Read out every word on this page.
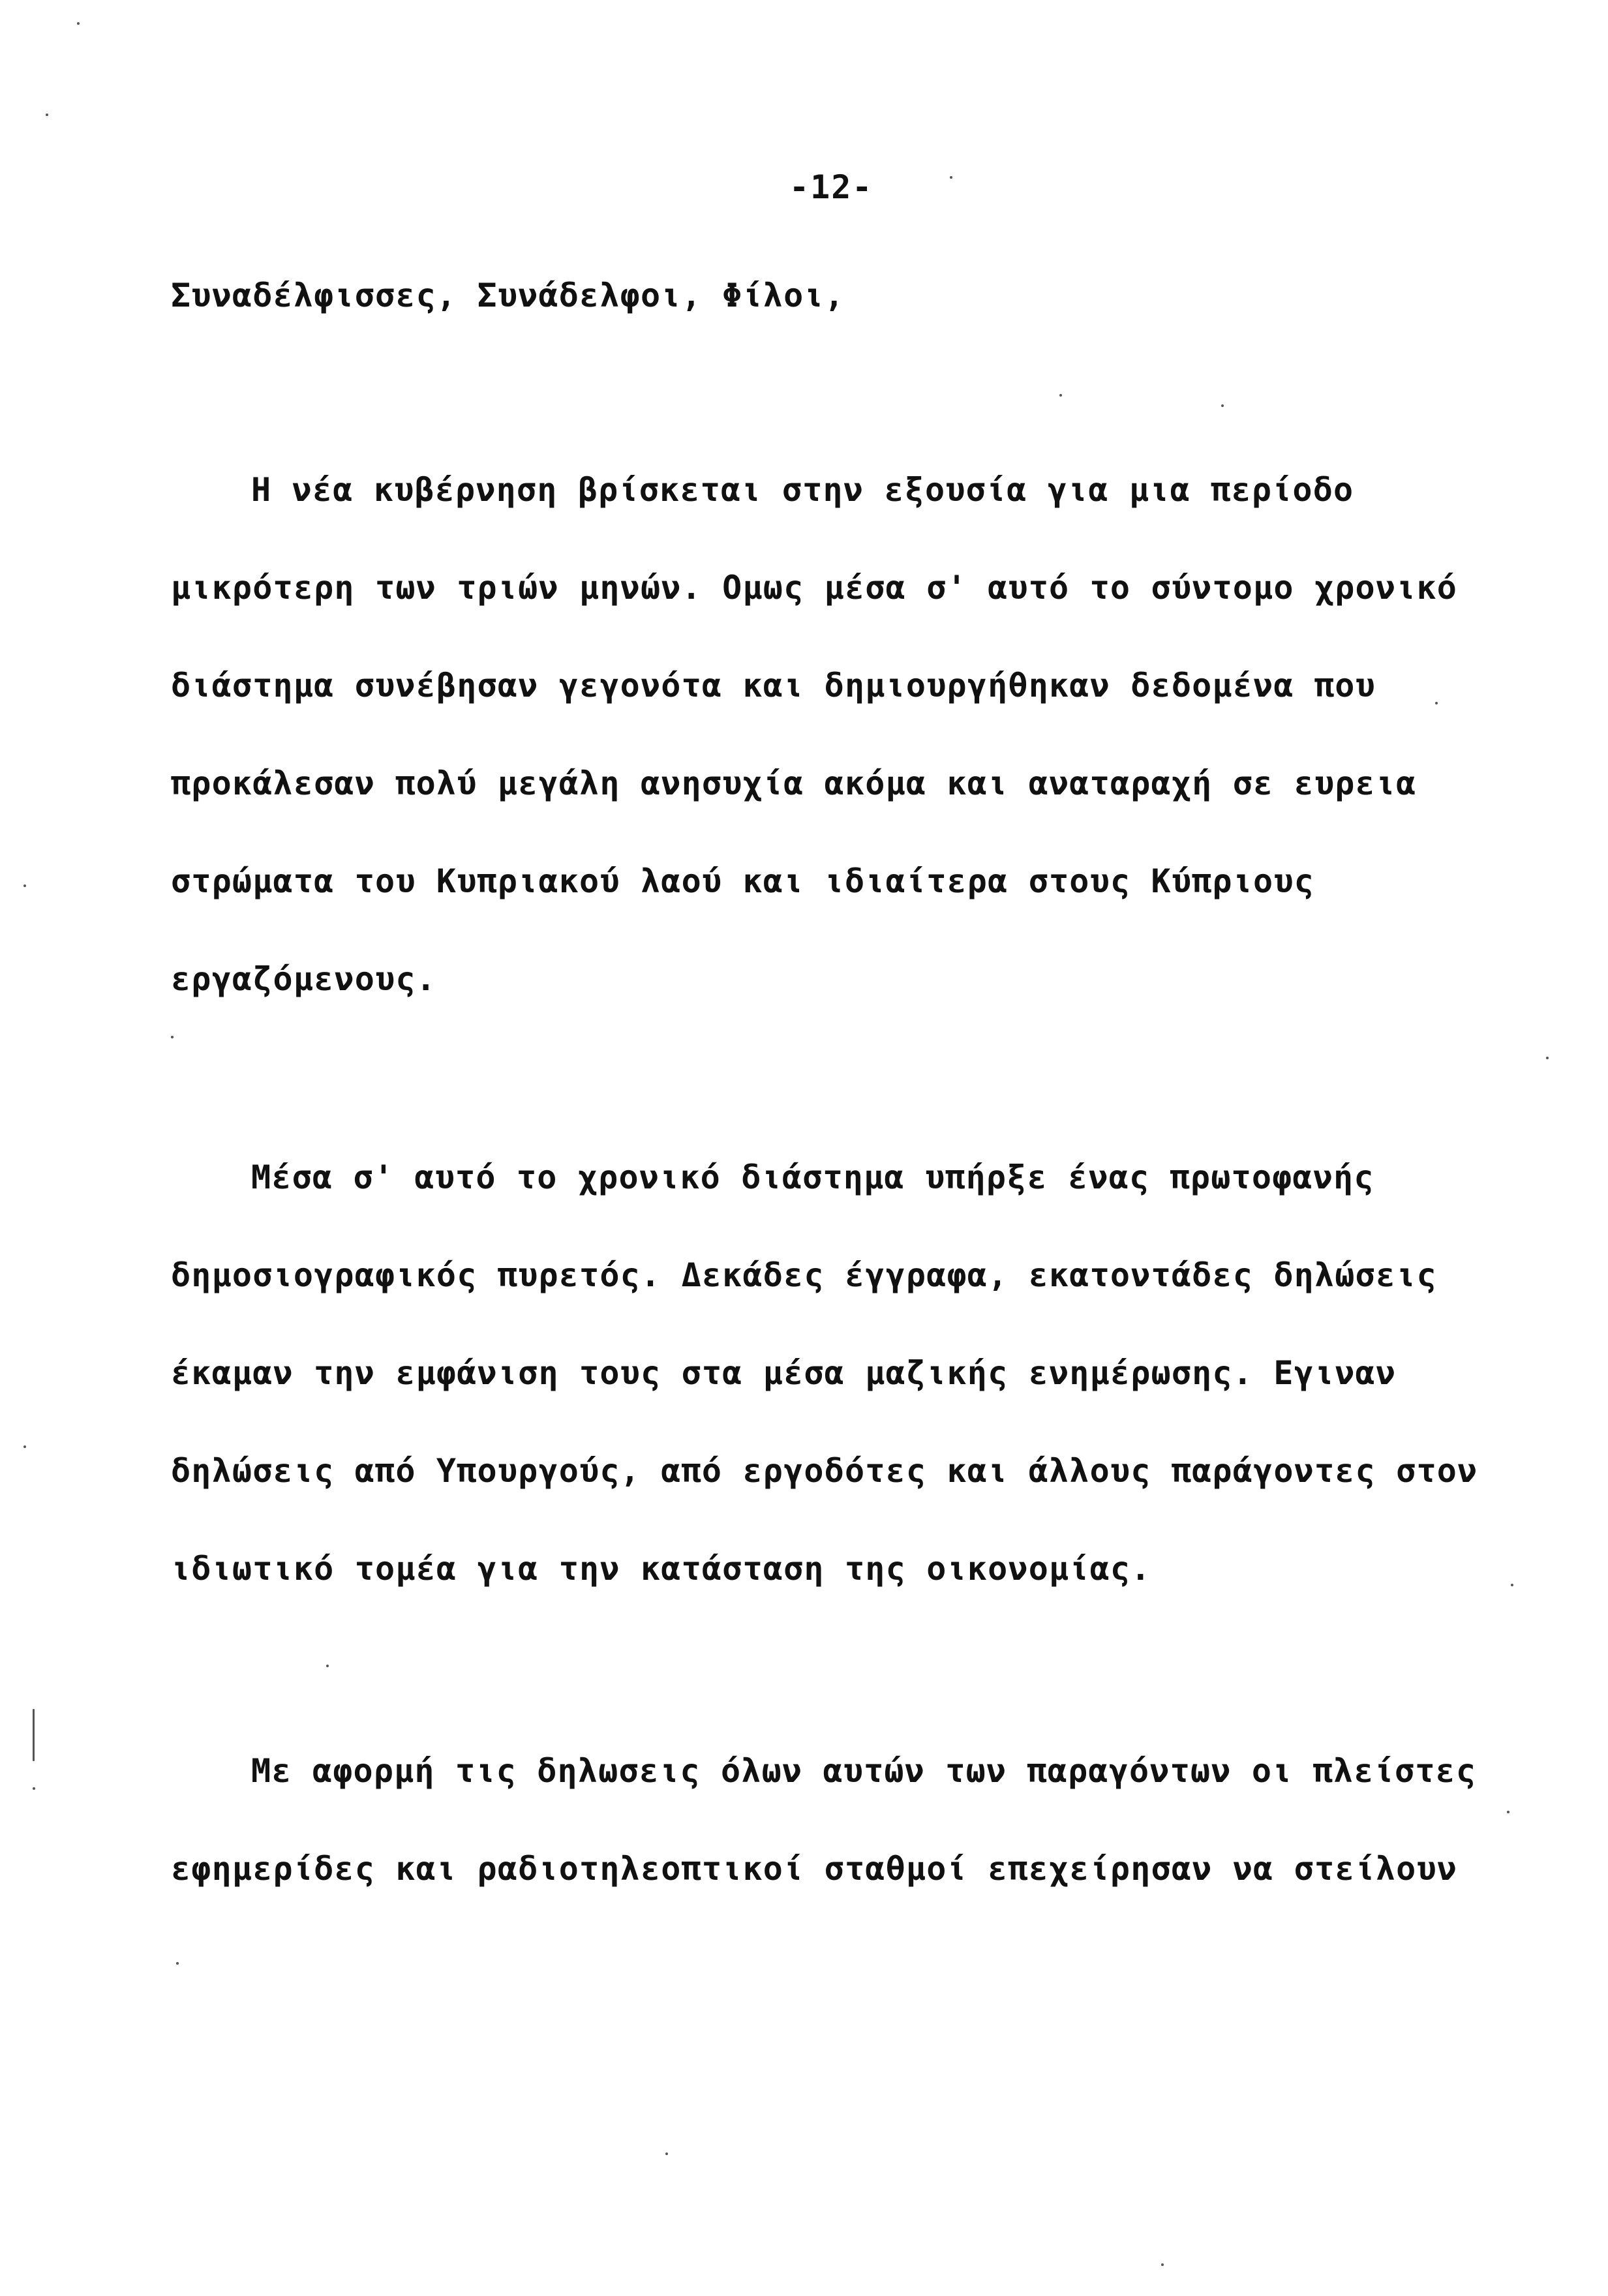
-12-
Συναδέλφισσες, Συνάδελφοι, Φίλοι,
Η νέα κυβέρνηση βρίσκεται στην εξουσία για μια περίοδο
μικρότερη των τριών μηνών. Ομως μέσα σ' αυτό το σύντομο χρονικό
διάστημα συνέβησαν γεγονότα και δημιουργήθηκαν δεδομένα που
προκάλεσαν πολύ μεγάλη ανησυχία ακόμα και αναταραχή σε ευρεια
στρώματα του Κυπριακού λαού και ιδιαίτερα στους Κύπριους
εργαζόμενους.
Μέσα σ' αυτό το χρονικό διάστημα υπήρξε ένας πρωτοφανής
δημοσιογραφικός πυρετός. Δεκάδες έγγραφα, εκατοντάδες δηλώσεις
έκαμαν την εμφάνιση τους στα μέσα μαζικής ενημέρωσης. Εγιναν
δηλώσεις από Υπουργούς, από εργοδότες και άλλους παράγοντες στον
ιδιωτικό τομέα για την κατάσταση της οικονομίας.
Με αφορμή τις δηλωσεις όλων αυτών των παραγόντων οι πλείστες
εφημερίδες και ραδιοτηλεοπτικοί σταθμοί επεχείρησαν να στείλουν
